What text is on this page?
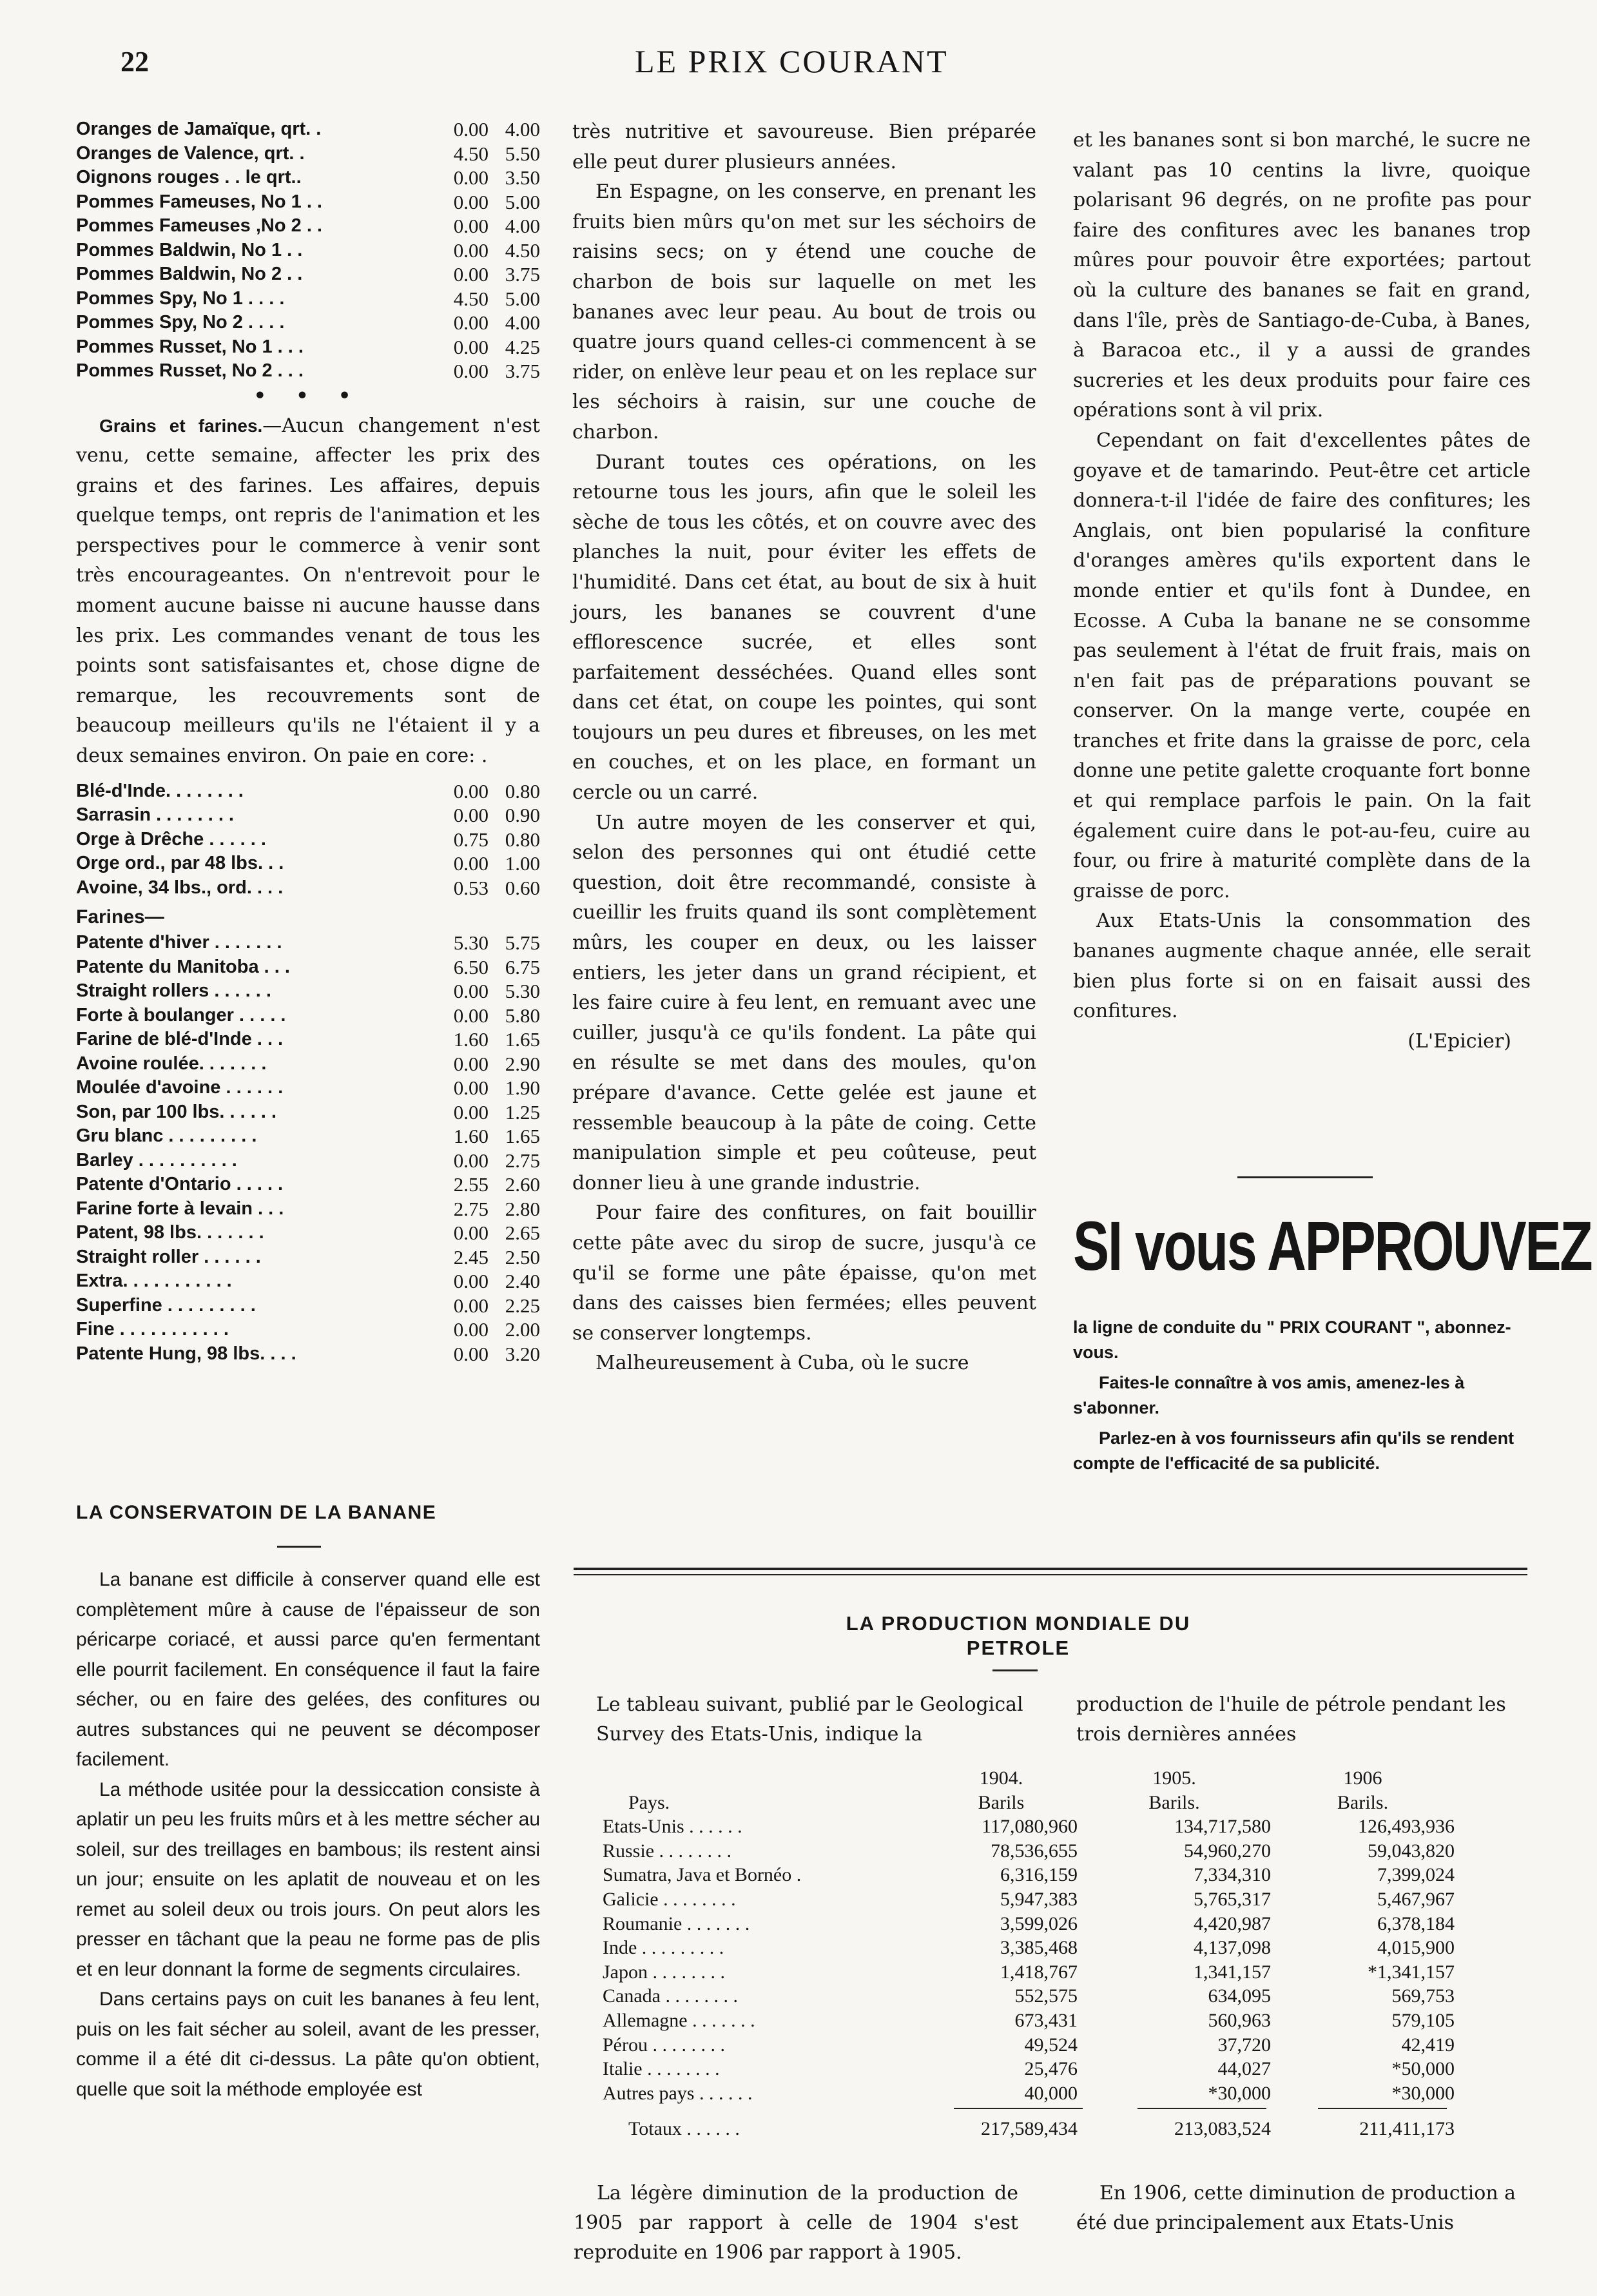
22	LE PRIX COURANT
Oranges de Jamaïque, qrt. .	0.00 4.00
Oranges de Valence, qrt. .	4.50 5.50
Oignons rouges . . le qrt..	0.00 3.50
Pommes Fameuses, No 1 . .	0.00 5.00
Pommes Fameuses ,No 2 . .	0.00 4.00
Pommes Baldwin, No 1 . .	0.00 4.50
Pommes Baldwin, No 2 . .	0.00 3.75
Pommes Spy, No 1 . . . .	4.50 5.00
Pommes Spy, No 2 . . . .	0.00 4.00
Pommes Russet, No 1 . . .	0.00 4.25
Pommes Russet, No 2 . . .	0.00 3.75
• • •

Grains et farines.—Aucun changement n'est venu, cette semaine, affecter les prix des grains et des farines. Les affaires, depuis quelque temps, ont repris de l'animation et les perspectives pour le commerce à venir sont très encourageantes. On n'entrevoit pour le moment aucune baisse ni aucune hausse dans les prix. Les commandes venant de tous les points sont satisfaisantes et, chose digne de remarque, les recouvrements sont de beaucoup meilleurs qu'ils ne l'étaient il y a deux semaines environ. On paie en core: .

Blé-d'Inde. . . . . . . .	0.00 0.80
Sarrasin . . . . . . . .	0.00 0.90
Orge à Drêche . . . . . .	0.75 0.80
Orge ord., par 48 lbs. . .	0.00 1.00
Avoine, 34 lbs., ord. . . .	0.53 0.60
Farines—
Patente d'hiver . . . . . . .	5.30 5.75
Patente du Manitoba . . .	6.50 6.75
Straight rollers . . . . . .	0.00 5.30
Forte à boulanger . . . . .	0.00 5.80
Farine de blé-d'Inde . . .	1.60 1.65
Avoine roulée. . . . . . .	0.00 2.90
Moulée d'avoine . . . . . .	0.00 1.90
Son, par 100 lbs. . . . . .	0.00 1.25
Gru blanc . . . . . . . . .	1.60 1.65
Barley . . . . . . . . . .	0.00 2.75
Patente d'Ontario . . . . .	2.55 2.60
Farine forte à levain . . .	2.75 2.80
Patent, 98 lbs. . . . . . .	0.00 2.65
Straight roller . . . . . .	2.45 2.50
Extra. . . . . . . . . . .	0.00 2.40
Superfine . . . . . . . . .	0.00 2.25
Fine . . . . . . . . . . .	0.00 2.00
Patente Hung, 98 lbs. . . .	0.00 3.20
LA CONSERVATOIN DE LA BANANE

La banane est difficile à conserver quand elle est complètement mûre à cause de l'épaisseur de son péricarpe coriacé, et aussi parce qu'en fermentant elle pourrit facilement. En conséquence il faut la faire sécher, ou en faire des gelées, des confitures ou autres substances qui ne peuvent se décomposer facilement.

La méthode usitée pour la dessiccation consiste à aplatir un peu les fruits mûrs et à les mettre sécher au soleil, sur des treillages en bambous; ils restent ainsi un jour; ensuite on les aplatit de nouveau et on les remet au soleil deux ou trois jours. On peut alors les presser en tâchant que la peau ne forme pas de plis et en leur donnant la forme de segments circulaires.

Dans certains pays on cuit les bananes à feu lent, puis on les fait sécher au soleil, avant de les presser, comme il a été dit ci-dessus. La pâte qu'on obtient, quelle que soit la méthode employée est

très nutritive et savoureuse. Bien préparée elle peut durer plusieurs années.

En Espagne, on les conserve, en prenant les fruits bien mûrs qu'on met sur les séchoirs de raisins secs; on y étend une couche de charbon de bois sur laquelle on met les bananes avec leur peau. Au bout de trois ou quatre jours quand celles-ci commencent à se rider, on enlève leur peau et on les replace sur les séchoirs à raisin, sur une couche de charbon.

Durant toutes ces opérations, on les retourne tous les jours, afin que le soleil les sèche de tous les côtés, et on couvre avec des planches la nuit, pour éviter les effets de l'humidité. Dans cet état, au bout de six à huit jours, les bananes se couvrent d'une efflorescence sucrée, et elles sont parfaitement desséchées. Quand elles sont dans cet état, on coupe les pointes, qui sont toujours un peu dures et fibreuses, on les met en couches, et on les place, en formant un cercle ou un carré.

Un autre moyen de les conserver et qui, selon des personnes qui ont étudié cette question, doit être recommandé, consiste à cueillir les fruits quand ils sont complètement mûrs, les couper en deux, ou les laisser entiers, les jeter dans un grand récipient, et les faire cuire à feu lent, en remuant avec une cuiller, jusqu'à ce qu'ils fondent. La pâte qui en résulte se met dans des moules, qu'on prépare d'avance. Cette gelée est jaune et ressemble beaucoup à la pâte de coing. Cette manipulation simple et peu coûteuse, peut donner lieu à une grande industrie.

Pour faire des confitures, on fait bouillir cette pâte avec du sirop de sucre, jusqu'à ce qu'il se forme une pâte épaisse, qu'on met dans des caisses bien fermées; elles peuvent se conserver longtemps.

Malheureusement à Cuba, où le sucre

et les bananes sont si bon marché, le sucre ne valant pas 10 centins la livre, quoique polarisant 96 degrés, on ne profite pas pour faire des confitures avec les bananes trop mûres pour pouvoir être exportées; partout où la culture des bananes se fait en grand, dans l'île, près de Santiago-de-Cuba, à Banes, à Baracoa etc., il y a aussi de grandes sucreries et les deux produits pour faire ces opérations sont à vil prix.

Cependant on fait d'excellentes pâtes de goyave et de tamarindo. Peut-être cet article donnera-t-il l'idée de faire des confitures; les Anglais, ont bien popularisé la confiture d'oranges amères qu'ils exportent dans le monde entier et qu'ils font à Dundee, en Ecosse. A Cuba la banane ne se consomme pas seulement à l'état de fruit frais, mais on n'en fait pas de préparations pouvant se conserver. On la mange verte, coupée en tranches et frite dans la graisse de porc, cela donne une petite galette croquante fort bonne et qui remplace parfois le pain. On la fait également cuire dans le pot-au-feu, cuire au four, ou frire à maturité complète dans de la graisse de porc.

Aux Etats-Unis la consommation des bananes augmente chaque année, elle serait bien plus forte si on en faisait aussi des confitures.

(L'Epicier)
SI vous APPROUVEZ

la ligne de conduite du " PRIX COURANT ", abonnez-vous.

Faites-le connaître à vos amis, amenez-les à s'abonner.

Parlez-en à vos fournisseurs afin qu'ils se rendent compte de l'efficacité de sa publicité.

LA PRODUCTION MONDIALE DU PETROLE
Le tableau suivant, publié par le Geological Survey des Etats-Unis, indique la
production de l'huile de pétrole pendant les trois dernières années
1904.	1905.	1906
Pays.	Barils	Barils.	Barils.
Etats-Unis . . . . . .	117,080,960	134,717,580	126,493,936
Russie . . . . . . . .	78,536,655	54,960,270	59,043,820
Sumatra, Java et Bornéo .	6,316,159	7,334,310	7,399,024
Galicie . . . . . . . .	5,947,383	5,765,317	5,467,967
Roumanie . . . . . . .	3,599,026	4,420,987	6,378,184
Inde . . . . . . . . .	3,385,468	4,137,098	4,015,900
Japon . . . . . . . .	1,418,767	1,341,157	*1,341,157
Canada . . . . . . . .	552,575	634,095	569,753
Allemagne . . . . . . .	673,431	560,963	579,105
Pérou . . . . . . . .	49,524	37,720	42,419
Italie . . . . . . . .	25,476	44,027	*50,000
Autres pays . . . . . .	40,000	*30,000	*30,000
Totaux . . . . . .	217,589,434	213,083,524	211,411,173
La légère diminution de la production de 1905 par rapport à celle de 1904 s'est reproduite en 1906 par rapport à 1905.
En 1906, cette diminution de production a été due principalement aux Etats-Unis
